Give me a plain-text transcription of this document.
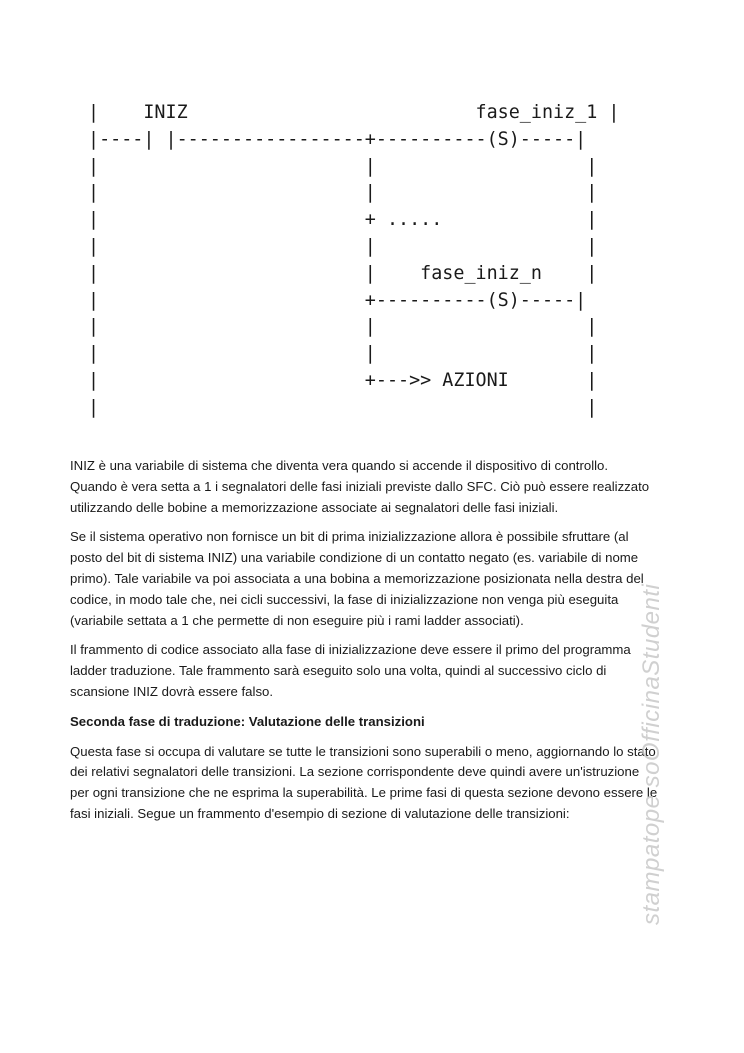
|    INIZ                          fase_iniz_1 |
|----| |-----------------+----------(S)-----|
|                        |                   |
|                        |                   |
|                        + .....             |
|                        |                   |
|                        |    fase_iniz_n    |
|                        +----------(S)-----|
|                        |                   |
|                        |                   |
|                        +--->> AZIONI       |
|                                            |

INIZ è una variabile di sistema che diventa vera quando si accende il dispositivo di controllo.
Quando è vera setta a 1 i segnalatori delle fasi iniziali previste dallo SFC. Ciò può essere realizzato
utilizzando delle bobine a memorizzazione associate ai segnalatori delle fasi iniziali.

Se il sistema operativo non fornisce un bit di prima inizializzazione allora è possibile sfruttare (al
posto del bit di sistema INIZ) una variabile condizione di un contatto negato (es. variabile di nome
primo). Tale variabile va poi associata a una bobina a memorizzazione posizionata nella destra del
codice, in modo tale che, nei cicli successivi, la fase di inizializzazione non venga più eseguita
(variabile settata a 1 che permette di non eseguire più i rami ladder associati).

Il frammento di codice associato alla fase di inizializzazione deve essere il primo del programma
ladder traduzione. Tale frammento sarà eseguito solo una volta, quindi al successivo ciclo di
scansione INIZ dovrà essere falso.

Seconda fase di traduzione: Valutazione delle transizioni

Questa fase si occupa di valutare se tutte le transizioni sono superabili o meno, aggiornando lo stato
dei relativi segnalatori delle transizioni. La sezione corrispondente deve quindi avere un'istruzione
per ogni transizione che ne esprima la superabilità. Le prime fasi di questa sezione devono essere le
fasi iniziali. Segue un frammento d'esempio di sezione di valutazione delle transizioni:	stampatope soOfficinaStudenti
